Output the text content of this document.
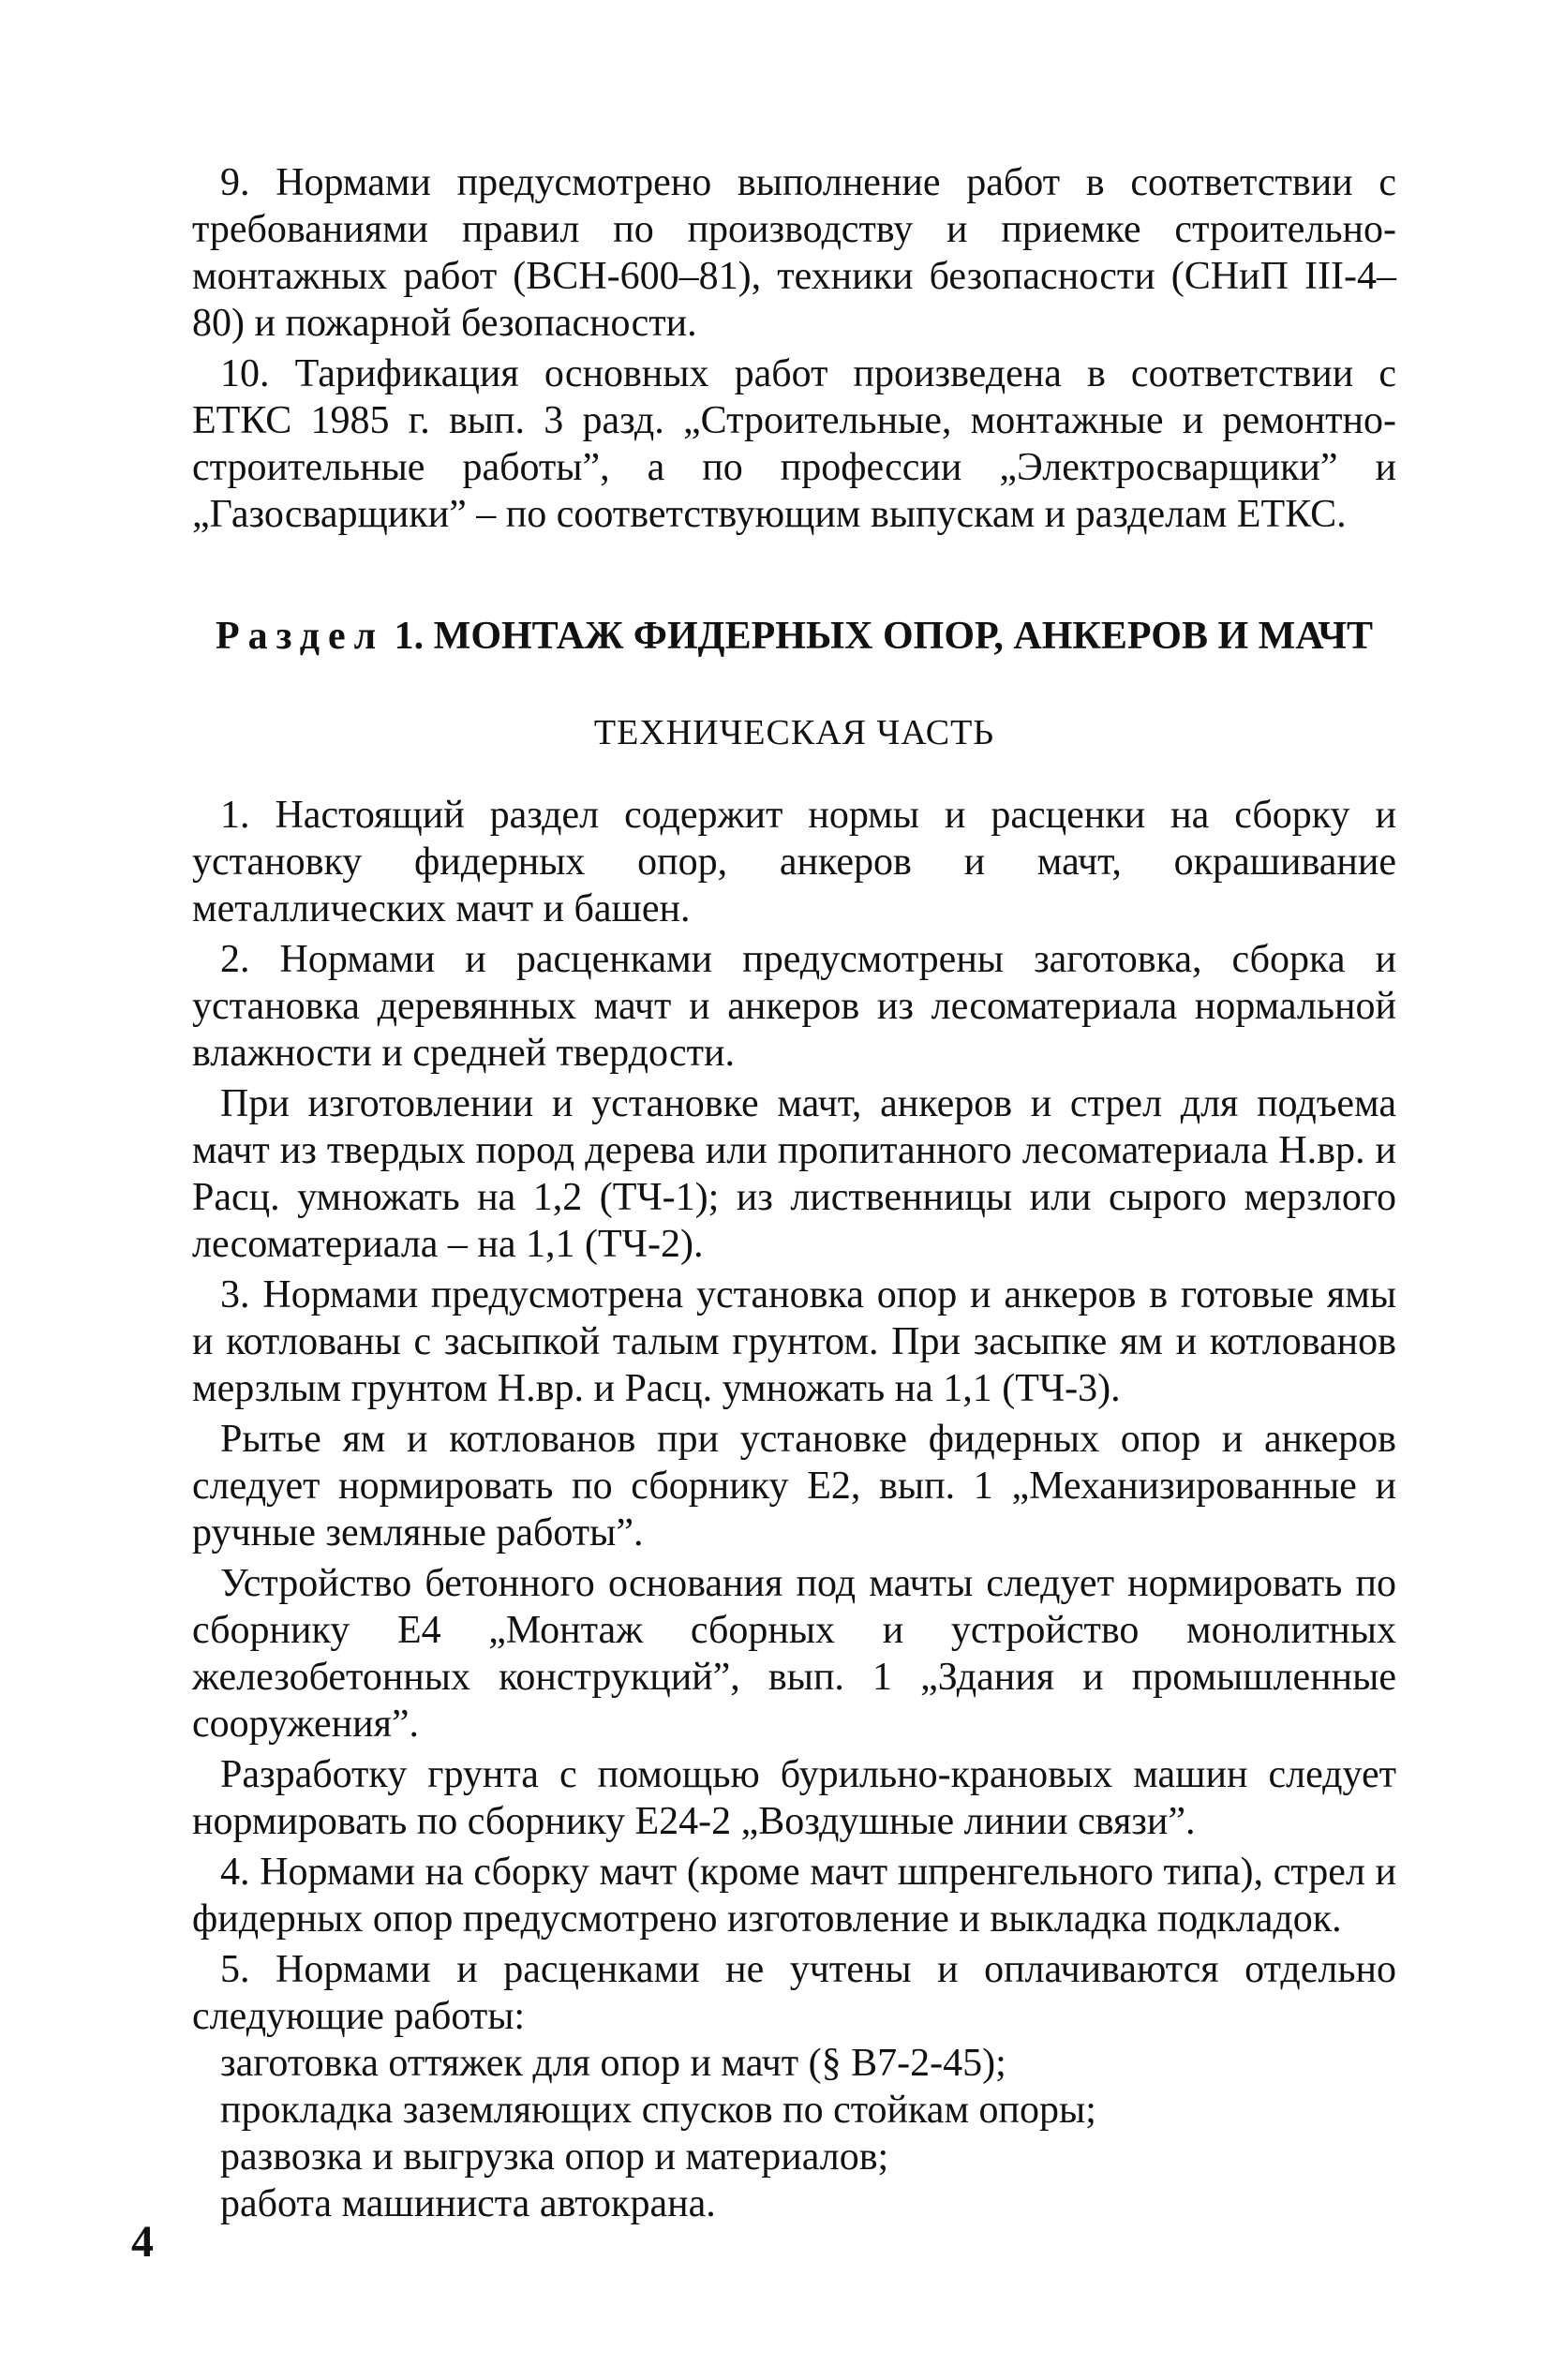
9. Нормами предусмотрено выполнение работ в соответствии с требованиями правил по производству и приемке строительно-монтажных работ (ВСН-600–81), техники безопасности (СНиП III-4–80) и пожарной безопасности.

10. Тарификация основных работ произведена в соответствии с ЕТКС 1985 г. вып. 3 разд. „Строительные, монтажные и ремонтно-строительные работы”, а по профессии „Электросварщики” и „Газосварщики” – по соответствующим выпускам и разделам ЕТКС.

Раздел 1. МОНТАЖ ФИДЕРНЫХ ОПОР, АНКЕРОВ И МАЧТ
ТЕХНИЧЕСКАЯ ЧАСТЬ

1. Настоящий раздел содержит нормы и расценки на сборку и установку фидерных опор, анкеров и мачт, окрашивание металлических мачт и башен.

2. Нормами и расценками предусмотрены заготовка, сборка и установка деревянных мачт и анкеров из лесоматериала нормальной влажности и средней твердости.

При изготовлении и установке мачт, анкеров и стрел для подъема мачт из твердых пород дерева или пропитанного лесоматериала Н.вр. и Расц. умножать на 1,2 (ТЧ-1); из лиственницы или сырого мерзлого лесоматериала – на 1,1 (ТЧ-2).

3. Нормами предусмотрена установка опор и анкеров в готовые ямы и котлованы с засыпкой талым грунтом. При засыпке ям и котлованов мерзлым грунтом Н.вр. и Расц. умножать на 1,1 (ТЧ-3).

Рытье ям и котлованов при установке фидерных опор и анкеров следует нормировать по сборнику Е2, вып. 1 „Механизированные и ручные земляные работы”.

Устройство бетонного основания под мачты следует нормировать по сборнику Е4 „Монтаж сборных и устройство монолитных железобетонных конструкций”, вып. 1 „Здания и промышленные сооружения”.

Разработку грунта с помощью бурильно-крановых машин следует нормировать по сборнику Е24-2 „Воздушные линии связи”.

4. Нормами на сборку мачт (кроме мачт шпренгельного типа), стрел и фидерных опор предусмотрено изготовление и выкладка подкладок.

5. Нормами и расценками не учтены и оплачиваются отдельно следующие работы:

заготовка оттяжек для опор и мачт (§ В7-2-45);

прокладка заземляющих спусков по стойкам опоры;

развозка и выгрузка опор и материалов;

работа машиниста автокрана.

4
